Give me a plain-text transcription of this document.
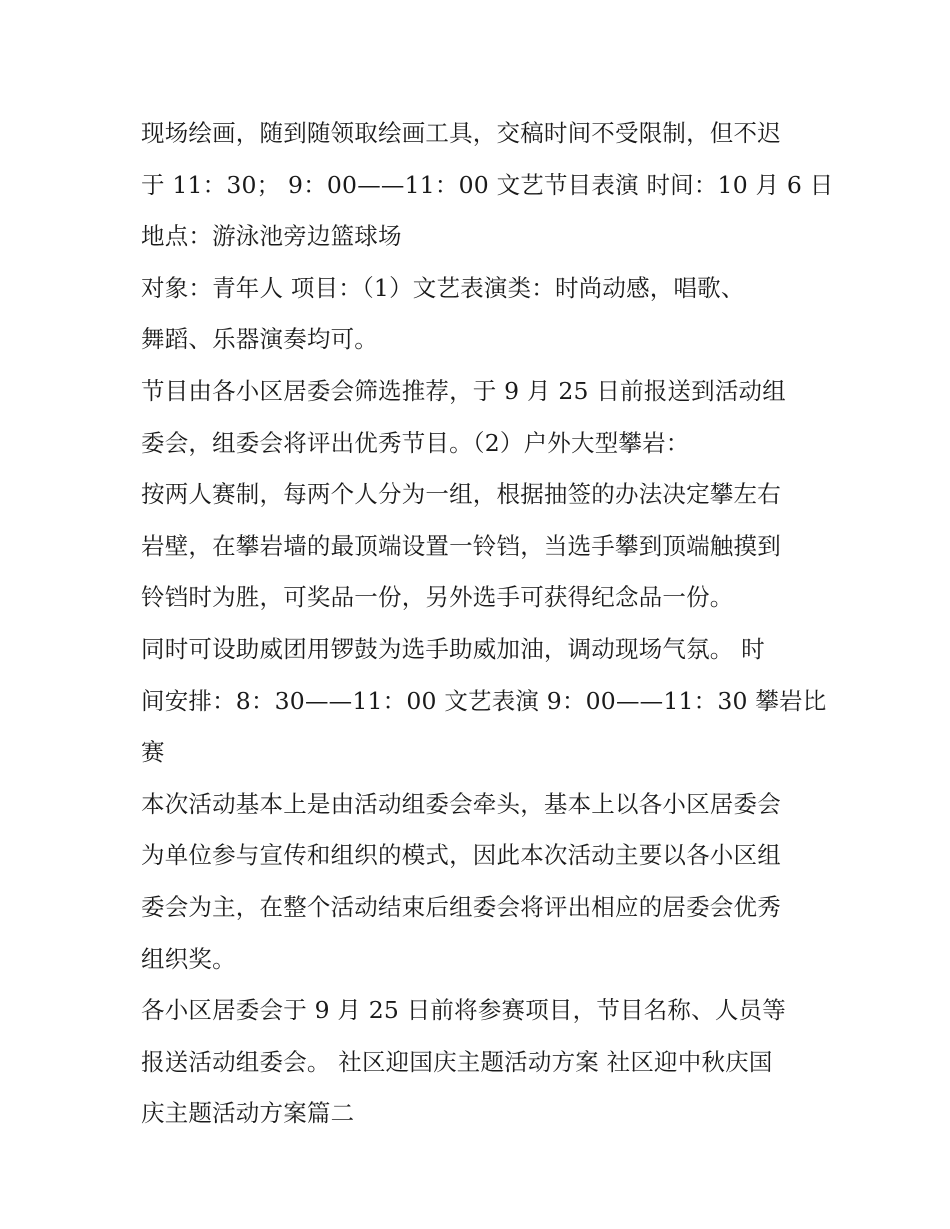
现场绘画，随到随领取绘画工具，交稿时间不受限制，但不迟
于 11：30； 9：00——11：00 文艺节目表演 时间：10 月 6 日
地点：游泳池旁边篮球场
对象：青年人 项目：（1）文艺表演类：时尚动感，唱歌、
舞蹈、乐器演奏均可。
节目由各小区居委会筛选推荐，于 9 月 25 日前报送到活动组
委会，组委会将评出优秀节目。（2）户外大型攀岩：
按两人赛制，每两个人分为一组，根据抽签的办法决定攀左右
岩壁，在攀岩墙的最顶端设置一铃铛，当选手攀到顶端触摸到
铃铛时为胜，可奖品一份，另外选手可获得纪念品一份。
同时可设助威团用锣鼓为选手助威加油，调动现场气氛。 时
间安排：8：30——11：00 文艺表演 9：00——11：30 攀岩比
赛
本次活动基本上是由活动组委会牵头，基本上以各小区居委会
为单位参与宣传和组织的模式，因此本次活动主要以各小区组
委会为主，在整个活动结束后组委会将评出相应的居委会优秀
组织奖。
各小区居委会于 9 月 25 日前将参赛项目，节目名称、人员等
报送活动组委会。 社区迎国庆主题活动方案 社区迎中秋庆国
庆主题活动方案篇二
